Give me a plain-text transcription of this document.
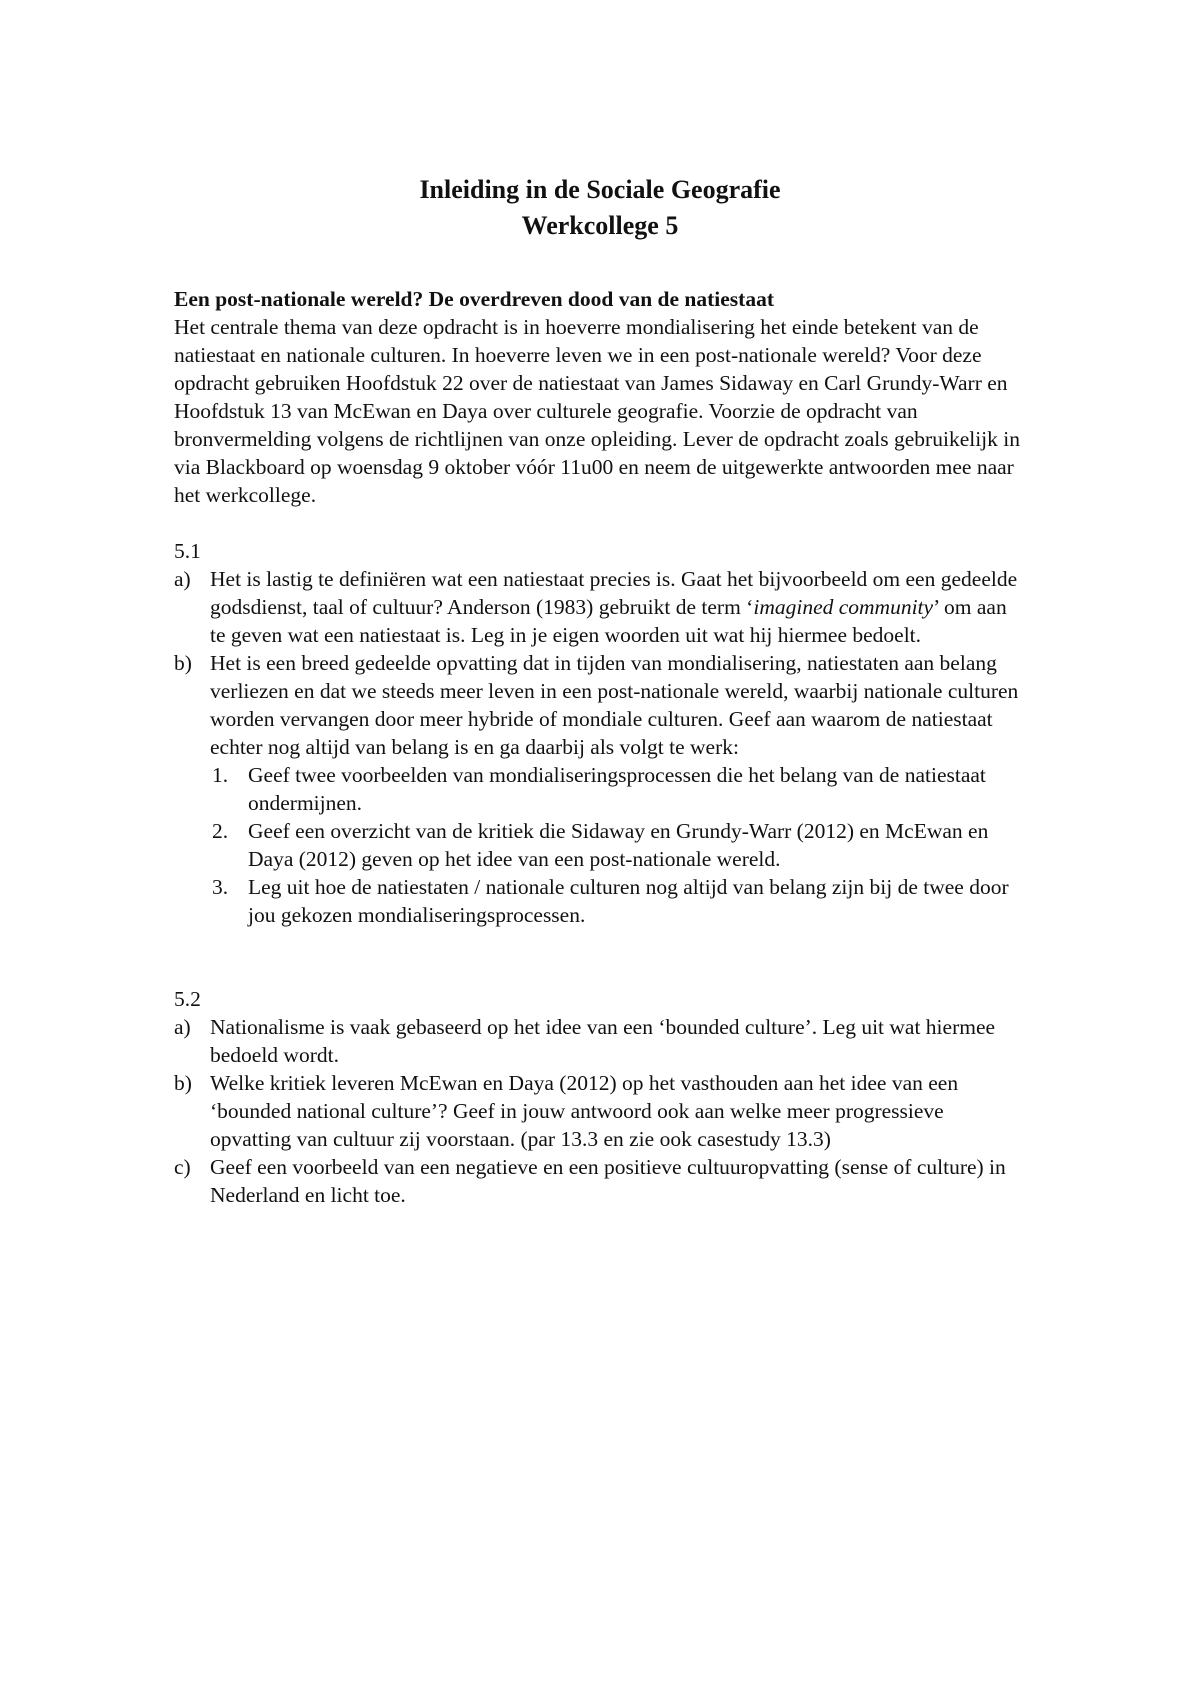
Inleiding in de Sociale Geografie
Werkcollege 5

Een post-nationale wereld? De overdreven dood van de natiestaat

Het centrale thema van deze opdracht is in hoeverre mondialisering het einde betekent van de natiestaat en nationale culturen. In hoeverre leven we in een post-nationale wereld? Voor deze opdracht gebruiken Hoofdstuk 22 over de natiestaat van James Sidaway en Carl Grundy-Warr en Hoofdstuk 13 van McEwan en Daya over culturele geografie. Voorzie de opdracht van bronvermelding volgens de richtlijnen van onze opleiding. Lever de opdracht zoals gebruikelijk in via Blackboard op woensdag 9 oktober vóór 11u00 en neem de uitgewerkte antwoorden mee naar het werkcollege.

5.1

a) Het is lastig te definiëren wat een natiestaat precies is. Gaat het bijvoorbeeld om een gedeelde godsdienst, taal of cultuur? Anderson (1983) gebruikt de term ‘imagined community’ om aan te geven wat een natiestaat is. Leg in je eigen woorden uit wat hij hiermee bedoelt.
b) Het is een breed gedeelde opvatting dat in tijden van mondialisering, natiestaten aan belang verliezen en dat we steeds meer leven in een post-nationale wereld, waarbij nationale culturen worden vervangen door meer hybride of mondiale culturen. Geef aan waarom de natiestaat echter nog altijd van belang is en ga daarbij als volgt te werk:
1. Geef twee voorbeelden van mondialiseringsprocessen die het belang van de natiestaat ondermijnen.
2. Geef een overzicht van de kritiek die Sidaway en Grundy-Warr (2012) en McEwan en Daya (2012) geven op het idee van een post-nationale wereld.
3. Leg uit hoe de natiestaten / nationale culturen nog altijd van belang zijn bij de twee door jou gekozen mondialiseringsprocessen.

5.2

a) Nationalisme is vaak gebaseerd op het idee van een ‘bounded culture’. Leg uit wat hiermee bedoeld wordt.
b) Welke kritiek leveren McEwan en Daya (2012) op het vasthouden aan het idee van een ‘bounded national culture’? Geef in jouw antwoord ook aan welke meer progressieve opvatting van cultuur zij voorstaan. (par 13.3 en zie ook casestudy 13.3)
c) Geef een voorbeeld van een negatieve en een positieve cultuuropvatting (sense of culture) in Nederland en licht toe.
